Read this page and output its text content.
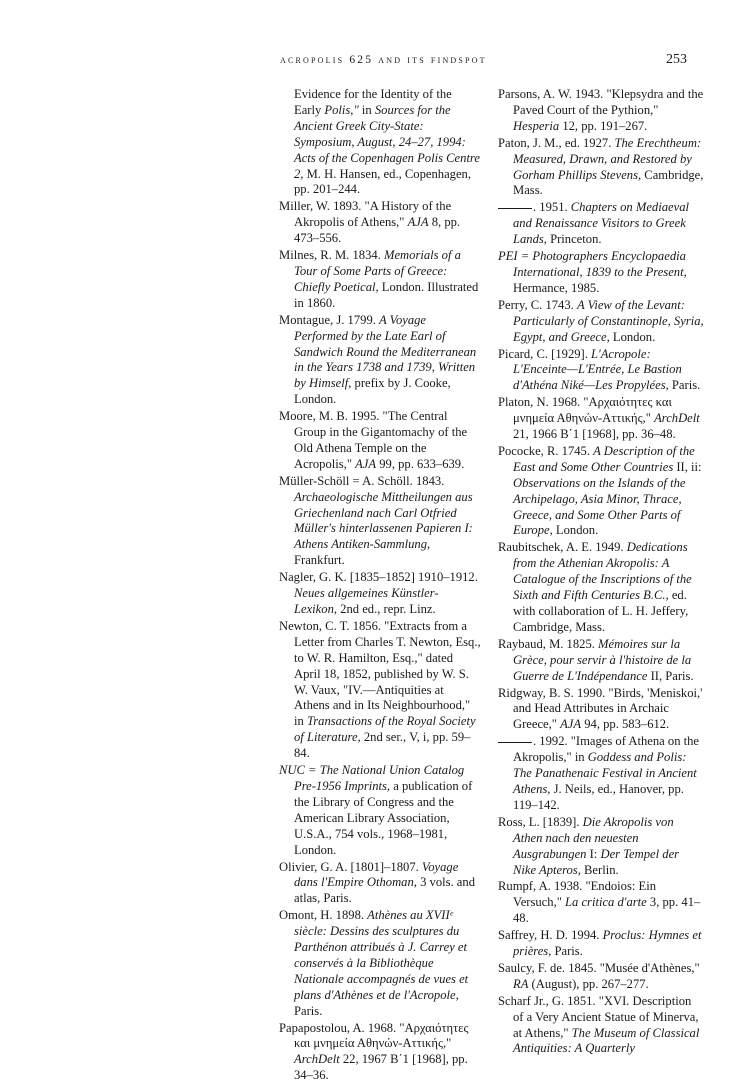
acropolis 625 and its findspot	253

Evidence for the Identity of the Early Polis," in Sources for the Ancient Greek City-State: Symposium, August, 24–27, 1994: Acts of the Copenhagen Polis Centre 2, M. H. Hansen, ed., Copenhagen, pp. 201–244.

Miller, W. 1893. "A History of the Akropolis of Athens," AJA 8, pp. 473–556.

Milnes, R. M. 1834. Memorials of a Tour of Some Parts of Greece: Chiefly Poetical, London. Illustrated in 1860.

Montague, J. 1799. A Voyage Performed by the Late Earl of Sandwich Round the Mediterranean in the Years 1738 and 1739, Written by Himself, prefix by J. Cooke, London.

Moore, M. B. 1995. "The Central Group in the Gigantomachy of the Old Athena Temple on the Acropolis," AJA 99, pp. 633–639.

Müller-Schöll = A. Schöll. 1843. Archaeologische Mittheilungen aus Griechenland nach Carl Otfried Müller's hinterlassenen Papieren I: Athens Antiken-Sammlung, Frankfurt.

Nagler, G. K. [1835–1852] 1910–1912. Neues allgemeines Künstler-Lexikon, 2nd ed., repr. Linz.

Newton, C. T. 1856. "Extracts from a Letter from Charles T. Newton, Esq., to W. R. Hamilton, Esq.," dated April 18, 1852, published by W. S. W. Vaux, "IV.—Antiquities at Athens and in Its Neighbourhood," in Transactions of the Royal Society of Literature, 2nd ser., V, i, pp. 59–84.

NUC = The National Union Catalog Pre-1956 Imprints, a publication of the Library of Congress and the American Library Association, U.S.A., 754 vols., 1968–1981, London.

Olivier, G. A. [1801]–1807. Voyage dans l'Empire Othoman, 3 vols. and atlas, Paris.

Omont, H. 1898. Athènes au XVIIᵉ siècle: Dessins des sculptures du Parthénon attribués à J. Carrey et conservés à la Bibliothèque Nationale accompagnés de vues et plans d'Athènes et de l'Acropole, Paris.

Papapostolou, A. 1968. "Αρχαιότητες και μνημεία Αθηνών-Αττικής," ArchDelt 22, 1967 Β΄1 [1968], pp. 34–36.

Parsons, A. W. 1943. "Klepsydra and the Paved Court of the Pythion," Hesperia 12, pp. 191–267.

Paton, J. M., ed. 1927. The Erechtheum: Measured, Drawn, and Restored by Gorham Phillips Stevens, Cambridge, Mass.

. 1951. Chapters on Mediaeval and Renaissance Visitors to Greek Lands, Princeton.

PEI = Photographers Encyclopaedia International, 1839 to the Present, Hermance, 1985.

Perry, C. 1743. A View of the Levant: Particularly of Constantinople, Syria, Egypt, and Greece, London.

Picard, C. [1929]. L'Acropole: L'Enceinte—L'Entrée, Le Bastion d'Athéna Niké—Les Propylées, Paris.

Platon, N. 1968. "Αρχαιότητες και μνημεία Αθηνών-Αττικής," ArchDelt 21, 1966 Β΄1 [1968], pp. 36–48.

Pococke, R. 1745. A Description of the East and Some Other Countries II, ii: Observations on the Islands of the Archipelago, Asia Minor, Thrace, Greece, and Some Other Parts of Europe, London.

Raubitschek, A. E. 1949. Dedications from the Athenian Akropolis: A Catalogue of the Inscriptions of the Sixth and Fifth Centuries B.C., ed. with collaboration of L. H. Jeffery, Cambridge, Mass.

Raybaud, M. 1825. Mémoires sur la Grèce, pour servir à l'histoire de la Guerre de L'Indépendance II, Paris.

Ridgway, B. S. 1990. "Birds, 'Meniskoi,' and Head Attributes in Archaic Greece," AJA 94, pp. 583–612.

. 1992. "Images of Athena on the Akropolis," in Goddess and Polis: The Panathenaic Festival in Ancient Athens, J. Neils, ed., Hanover, pp. 119–142.

Ross, L. [1839]. Die Akropolis von Athen nach den neuesten Ausgrabungen I: Der Tempel der Nike Apteros, Berlin.

Rumpf, A. 1938. "Endoios: Ein Versuch," La critica d'arte 3, pp. 41–48.

Saffrey, H. D. 1994. Proclus: Hymnes et prières, Paris.

Saulcy, F. de. 1845. "Musée d'Athènes," RA (August), pp. 267–277.

Scharf Jr., G. 1851. "XVI. Description of a Very Ancient Statue of Minerva, at Athens," The Museum of Classical Antiquities: A Quarterly
